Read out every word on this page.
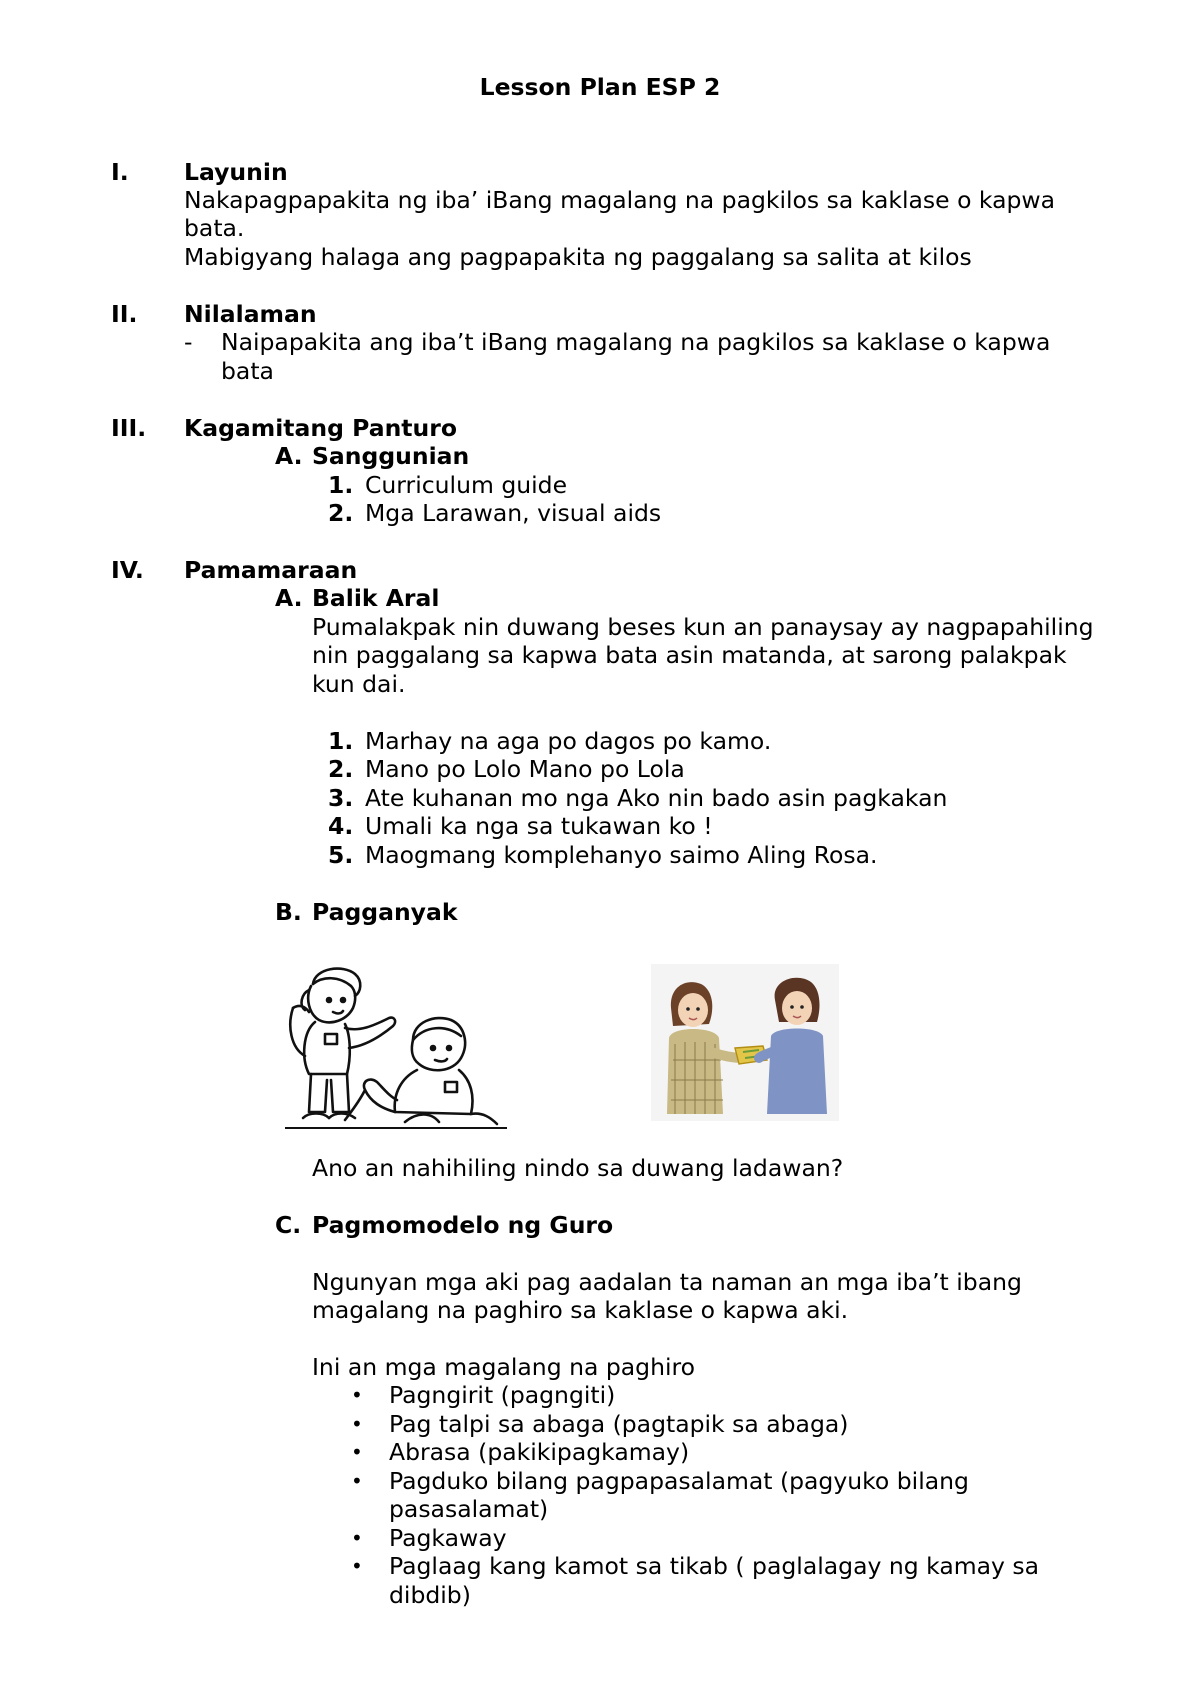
Lesson Plan ESP 2
I. Layunin
Nakapagpapakita ng iba’ iBang magalang na pagkilos sa kaklase o kapwa
bata.
Mabigyang halaga ang pagpapakita ng paggalang sa salita at kilos
II. Nilalaman
- Naipapakita ang iba’t iBang magalang na pagkilos sa kaklase o kapwa
bata
III. Kagamitang Panturo
A. Sanggunian
1. Curriculum guide
2. Mga Larawan, visual aids
IV. Pamamaraan
A. Balik Aral
Pumalakpak nin duwang beses kun an panaysay ay nagpapahiling
nin paggalang sa kapwa bata asin matanda, at sarong palakpak
kun dai.
1. Marhay na aga po dagos po kamo.
2. Mano po Lolo Mano po Lola
3. Ate kuhanan mo nga Ako nin bado asin pagkakan
4. Umali ka nga sa tukawan ko !
5. Maogmang komplehanyo saimo Aling Rosa.
B. Pagganyak
Ano an nahihiling nindo sa duwang ladawan?
C. Pagmomodelo ng Guro
Ngunyan mga aki pag aadalan ta naman an mga iba’t ibang
magalang na paghiro sa kaklase o kapwa aki.
Ini an mga magalang na paghiro
• Pagngirit (pagngiti)
• Pag talpi sa abaga (pagtapik sa abaga)
• Abrasa (pakikipagkamay)
• Pagduko bilang pagpapasalamat (pagyuko bilang
pasasalamat)
• Pagkaway
• Paglaag kang kamot sa tikab ( paglalagay ng kamay sa
dibdib)
